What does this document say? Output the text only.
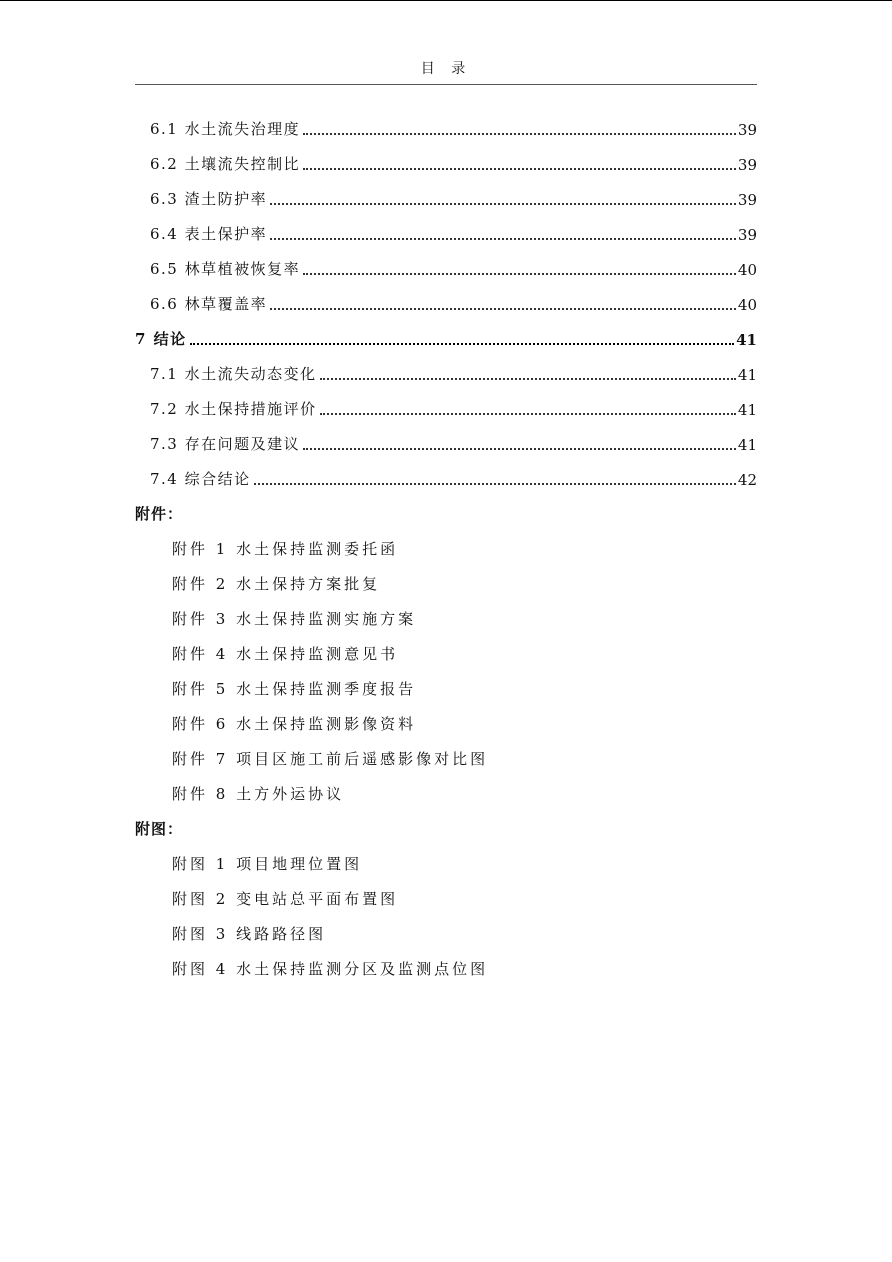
目 录
6.1 水土流失治理度	39
6.2 土壤流失控制比	39
6.3 渣土防护率	39
6.4 表土保护率	39
6.5 林草植被恢复率	40
6.6 林草覆盖率	40
7 结论	41
7.1 水土流失动态变化	41
7.2 水土保持措施评价	41
7.3 存在问题及建议	41
7.4 综合结论	42
附件：
附件 1 水土保持监测委托函
附件 2 水土保持方案批复
附件 3 水土保持监测实施方案
附件 4 水土保持监测意见书
附件 5 水土保持监测季度报告
附件 6 水土保持监测影像资料
附件 7 项目区施工前后遥感影像对比图
附件 8 土方外运协议
附图：
附图 1 项目地理位置图
附图 2 变电站总平面布置图
附图 3 线路路径图
附图 4 水土保持监测分区及监测点位图
